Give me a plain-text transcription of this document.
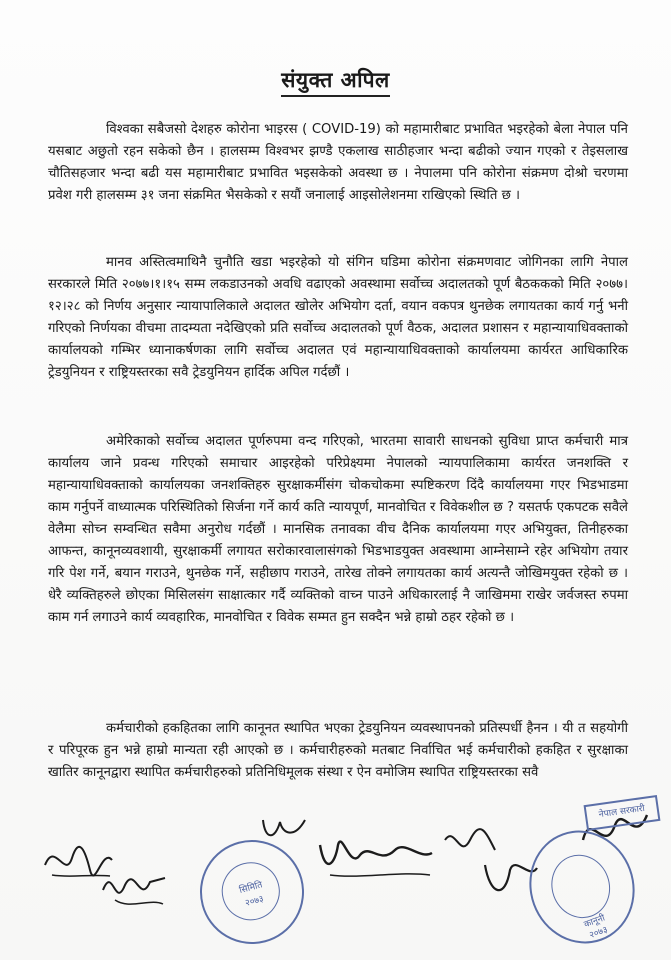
संयुक्त अपिल

विश्वका सबैजसो देशहरु कोरोना भाइरस ( COVID-19) को महामारीबाट प्रभावित भइरहेको बेला नेपाल पनि यसबाट अछुतो रहन सकेको छैन । हालसम्म विश्वभर झण्डै एकलाख साठीहजार भन्दा बढीको ज्यान गएको र तेइसलाख चौतिसहजार भन्दा बढी यस महामारीबाट प्रभावित भइसकेको अवस्था छ । नेपालमा पनि कोरोना संक्रमण दोश्रो चरणमा प्रवेश गरी हालसम्म ३१ जना संक्रमित भैसकेको र सयौं जनालाई आइसोलेशनमा राखिएको स्थिति छ ।

मानव अस्तित्वमाथिनै चुनौति खडा भइरहेको यो संगिन घडिमा कोरोना संक्रमणवाट जोगिनका लागि नेपाल सरकारले मिति २०७७।१।१५ सम्म लकडाउनको अवधि वढाएको अवस्थामा सर्वोच्च अदालतको पूर्ण बैठककको मिति २०७७।१२।२८ को निर्णय अनुसार न्यायापालिकाले अदालत खोलेर अभियोग दर्ता, वयान वकपत्र थुनछेक लगायतका कार्य गर्नु भनी गरिएको निर्णयका वीचमा तादम्यता नदेखिएको प्रति सर्वोच्च अदालतको पूर्ण वैठक, अदालत प्रशासन र महान्यायाधिवक्ताको कार्यालयको गम्भिर ध्यानाकर्षणका लागि सर्वोच्च अदालत एवं महान्यायाधिवक्ताको कार्यालयमा कार्यरत आधिकारिक ट्रेडयुनियन र राष्ट्रियस्तरका सवै ट्रेडयुनियन हार्दिक अपिल गर्दछौं ।

अमेरिकाको सर्वोच्च अदालत पूर्णरुपमा वन्द गरिएको, भारतमा सावारी साधनको सुविधा प्राप्त कर्मचारी मात्र कार्यालय जाने प्रवन्ध गरिएको समाचार आइरहेको परिप्रेक्ष्यमा नेपालको न्यायपालिकामा कार्यरत जनशक्ति र महान्यायाधिवक्ताको कार्यालयका जनशक्तिहरु सुरक्षाकर्मीसंग चोकचोकमा स्पष्टिकरण दिंदै कार्यालयमा गएर भिडभाडमा काम गर्नुपर्ने वाध्यात्मक परिस्थितिको सिर्जना गर्ने कार्य कति न्यायपूर्ण, मानवोचित र विवेकशील छ ? यसतर्फ एकपटक सवैले वेलैमा सोच्न सम्वन्धित सवैमा अनुरोध गर्दछौं । मानसिक तनावका वीच दैनिक कार्यालयमा गएर अभियुक्त, तिनीहरुका आफन्त, कानूनव्यवशायी, सुरक्षाकर्मी लगायत सरोकारवालासंगको भिडभाडयुक्त अवस्थामा आम्नेसाम्ने रहेर अभियोग तयार गरि पेश गर्ने, बयान गराउने, थुनछेक गर्ने, सहीछाप गराउने, तारेख तोक्ने लगायतका कार्य अत्यन्तै जोखिमयुक्त रहेको छ । धेरै व्यक्तिहरुले छोएका मिसिलसंग साक्षात्कार गर्दै व्यक्तिको वाच्न पाउने अधिकारलाई नै जाखिममा राखेर जर्वजस्त रुपमा काम गर्न लगाउने कार्य व्यवहारिक, मानवोचित र विवेक सम्मत हुन सक्दैन भन्ने हाम्रो ठहर रहेको छ ।

कर्मचारीको हकहितका लागि कानूनत स्थापित भएका ट्रेडयुनियन व्यवस्थापनको प्रतिस्पर्धी हैनन । यी त सहयोगी र परिपूरक हुन भन्ने हाम्रो मान्यता रही आएको छ । कर्मचारीहरुको मतबाट निर्वाचित भई कर्मचारीको हकहित र सुरक्षाका खातिर कानूनद्वारा स्थापित कर्मचारीहरुको प्रतिनिधिमूलक संस्था र ऐन वमोजिम स्थापित राष्ट्रियस्तरका सवै

सिमिति
२०७३
कानूनी
२०७३
नेपाल सरकारी
